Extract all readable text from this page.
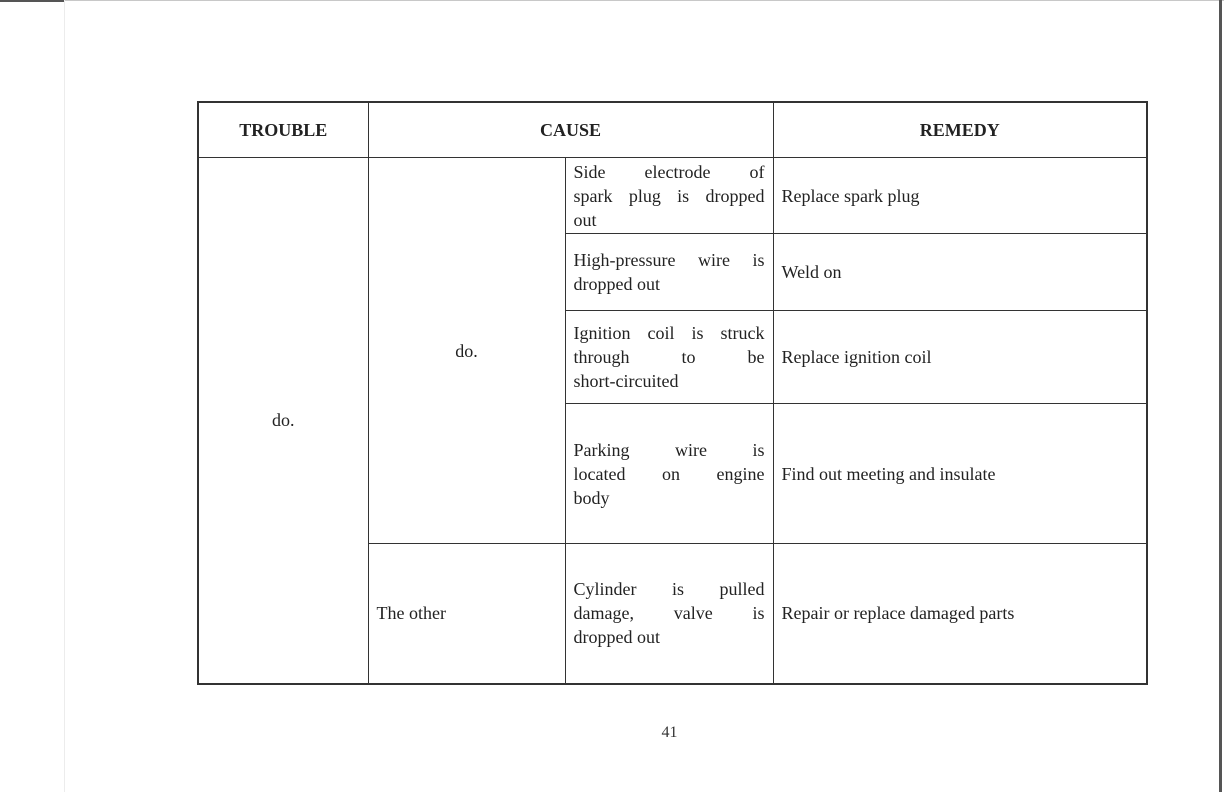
TROUBLE	CAUSE		REMEDY
do.	do.	Side electrode of
spark plug is dropped
out	Replace spark plug

		High-pressure wire is
dropped out	Weld on

		Ignition coil is struck
through to be
short-circuited	Replace ignition coil

		Parking wire is
located on engine
body	Find out meeting and insulate
	The other	Cylinder is pulled
damage, valve is
dropped out	Repair or replace damaged parts
41
